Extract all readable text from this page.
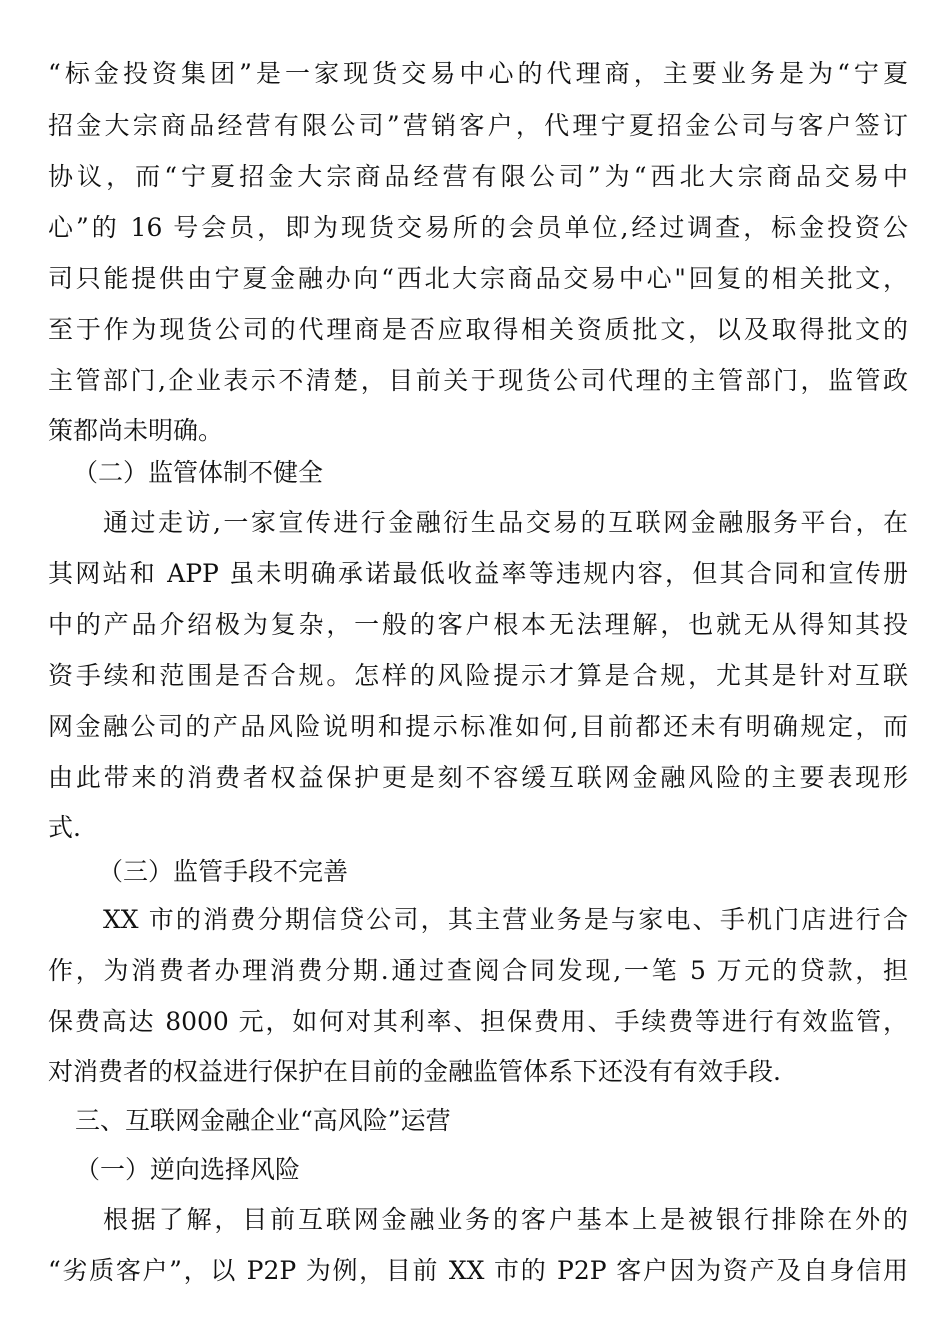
“标金投资集团”是一家现货交易中心的代理商，主要业务是为“宁夏
招金大宗商品经营有限公司”营销客户，代理宁夏招金公司与客户签订
协议，而“宁夏招金大宗商品经营有限公司”为“西北大宗商品交易中
心”的 16 号会员，即为现货交易所的会员单位,经过调查，标金投资公
司只能提供由宁夏金融办向“西北大宗商品交易中心"回复的相关批文，
至于作为现货公司的代理商是否应取得相关资质批文，以及取得批文的
主管部门,企业表示不清楚，目前关于现货公司代理的主管部门，监管政
策都尚未明确。
（二）监管体制不健全
通过走访,一家宣传进行金融衍生品交易的互联网金融服务平台，在
其网站和 APP 虽未明确承诺最低收益率等违规内容，但其合同和宣传册
中的产品介绍极为复杂，一般的客户根本无法理解，也就无从得知其投
资手续和范围是否合规。怎样的风险提示才算是合规，尤其是针对互联
网金融公司的产品风险说明和提示标准如何,目前都还未有明确规定，而
由此带来的消费者权益保护更是刻不容缓互联网金融风险的主要表现形
式.
（三）监管手段不完善
XX 市的消费分期信贷公司，其主营业务是与家电、手机门店进行合
作，为消费者办理消费分期.通过查阅合同发现,一笔 5 万元的贷款，担
保费高达 8000 元，如何对其利率、担保费用、手续费等进行有效监管，
对消费者的权益进行保护在目前的金融监管体系下还没有有效手段.
三、互联网金融企业“高风险”运营
（一）逆向选择风险
根据了解，目前互联网金融业务的客户基本上是被银行排除在外的
“劣质客户”，以 P2P 为例，目前 XX 市的 P2P 客户因为资产及自身信用
